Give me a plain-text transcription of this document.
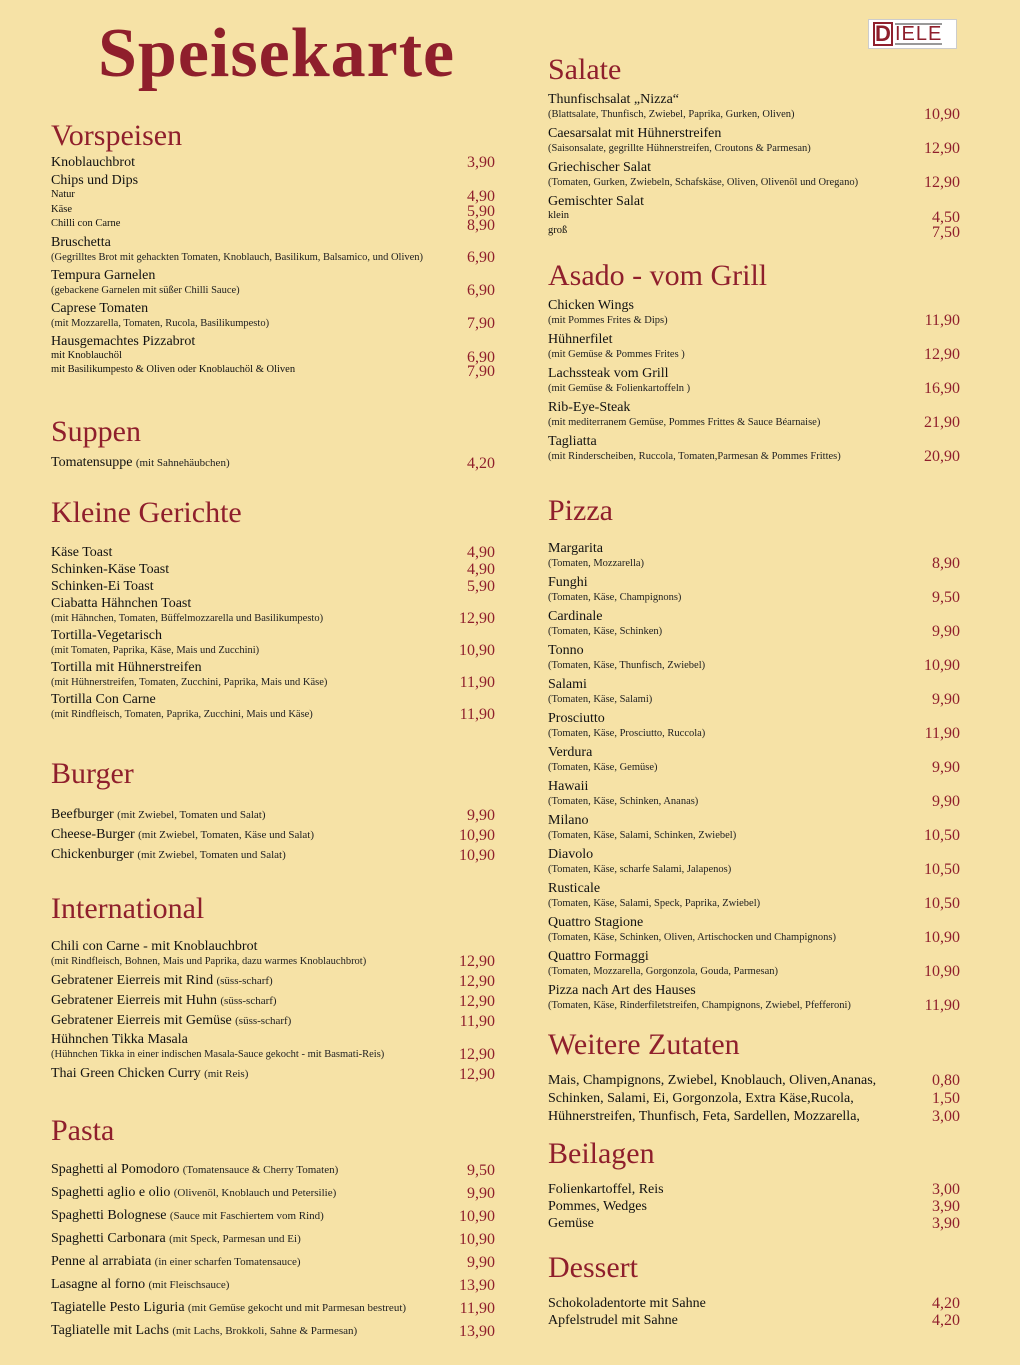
Speisekarte	D IELE
Vorspeisen
Knoblauchbrot	3,90
Chips und Dips
Natur	4,90
Käse	5,90
Chilli con Carne	8,90
Bruschetta
(Gegrilltes Brot mit gehackten Tomaten, Knoblauch, Basilikum, Balsamico, und Oliven)	6,90
Tempura Garnelen
(gebackene Garnelen mit süßer Chilli Sauce)	6,90
Caprese Tomaten
(mit Mozzarella, Tomaten, Rucola, Basilikumpesto)	7,90
Hausgemachtes Pizzabrot
mit Knoblauchöl	6,90
mit Basilikumpesto & Oliven oder Knoblauchöl & Oliven	7,90
Suppen
Tomatensuppe (mit Sahnehäubchen)	4,20
Kleine Gerichte
Käse Toast	4,90
Schinken-Käse Toast	4,90
Schinken-Ei Toast	5,90
Ciabatta Hähnchen Toast
(mit Hähnchen, Tomaten, Büffelmozzarella und Basilikumpesto)	12,90
Tortilla-Vegetarisch
(mit Tomaten, Paprika, Käse, Mais und Zucchini)	10,90
Tortilla mit Hühnerstreifen
(mit Hühnerstreifen, Tomaten, Zucchini, Paprika, Mais und Käse)	11,90
Tortilla Con Carne
(mit Rindfleisch, Tomaten, Paprika, Zucchini, Mais und Käse)	11,90
Burger
Beefburger (mit Zwiebel, Tomaten und Salat)	9,90
Cheese-Burger (mit Zwiebel, Tomaten, Käse und Salat)	10,90
Chickenburger (mit Zwiebel, Tomaten und Salat)	10,90
International
Chili con Carne - mit Knoblauchbrot
(mit Rindfleisch, Bohnen, Mais und Paprika, dazu warmes Knoblauchbrot)	12,90
Gebratener Eierreis mit Rind (süss-scharf)	12,90
Gebratener Eierreis mit Huhn (süss-scharf)	12,90
Gebratener Eierreis mit Gemüse (süss-scharf)	11,90
Hühnchen Tikka Masala
(Hühnchen Tikka in einer indischen Masala-Sauce gekocht - mit Basmati-Reis)	12,90
Thai Green Chicken Curry (mit Reis)	12,90
Pasta
Spaghetti al Pomodoro (Tomatensauce & Cherry Tomaten)	9,50
Spaghetti aglio e olio (Olivenöl, Knoblauch und Petersilie)	9,90
Spaghetti Bolognese (Sauce mit Faschiertem vom Rind)	10,90
Spaghetti Carbonara (mit Speck, Parmesan und Ei)	10,90
Penne al arrabiata (in einer scharfen Tomatensauce)	9,90
Lasagne al forno (mit Fleischsauce)	13,90
Tagiatelle Pesto Liguria (mit Gemüse gekocht und mit Parmesan bestreut)	11,90
Tagliatelle mit Lachs (mit Lachs, Brokkoli, Sahne & Parmesan)	13,90
Salate
Thunfischsalat „Nizza“
(Blattsalate, Thunfisch, Zwiebel, Paprika, Gurken, Oliven)	10,90
Caesarsalat mit Hühnerstreifen
(Saisonsalate, gegrillte Hühnerstreifen, Croutons & Parmesan)	12,90
Griechischer Salat
(Tomaten, Gurken, Zwiebeln, Schafskäse, Oliven, Olivenöl und Oregano)	12,90
Gemischter Salat
klein	4,50
groß	7,50
Asado - vom Grill
Chicken Wings
(mit Pommes Frites & Dips)	11,90
Hühnerfilet
(mit Gemüse & Pommes Frites )	12,90
Lachssteak vom Grill
(mit Gemüse & Folienkartoffeln )	16,90
Rib-Eye-Steak
(mit mediterranem Gemüse, Pommes Frittes & Sauce Béarnaise)	21,90
Tagliatta
(mit Rinderscheiben, Ruccola, Tomaten,Parmesan & Pommes Frittes)	20,90
Pizza
Margarita
(Tomaten, Mozzarella)	8,90
Funghi
(Tomaten, Käse, Champignons)	9,50
Cardinale
(Tomaten, Käse, Schinken)	9,90
Tonno
(Tomaten, Käse, Thunfisch, Zwiebel)	10,90
Salami
(Tomaten, Käse, Salami)	9,90
Prosciutto
(Tomaten, Käse, Prosciutto, Ruccola)	11,90
Verdura
(Tomaten, Käse, Gemüse)	9,90
Hawaii
(Tomaten, Käse, Schinken, Ananas)	9,90
Milano
(Tomaten, Käse, Salami, Schinken, Zwiebel)	10,50
Diavolo
(Tomaten, Käse, scharfe Salami, Jalapenos)	10,50
Rusticale
(Tomaten, Käse, Salami, Speck, Paprika, Zwiebel)	10,50
Quattro Stagione
(Tomaten, Käse, Schinken, Oliven, Artischocken und Champignons)	10,90
Quattro Formaggi
(Tomaten, Mozzarella, Gorgonzola, Gouda, Parmesan)	10,90
Pizza nach Art des Hauses
(Tomaten, Käse, Rinderfiletstreifen, Champignons, Zwiebel, Pfefferoni)	11,90
Weitere Zutaten
Mais, Champignons, Zwiebel, Knoblauch, Oliven,Ananas,	0,80
Schinken, Salami, Ei, Gorgonzola, Extra Käse,Rucola,	1,50
Hühnerstreifen, Thunfisch, Feta, Sardellen, Mozzarella,	3,00
Beilagen
Folienkartoffel, Reis	3,00
Pommes, Wedges	3,90
Gemüse	3,90
Dessert
Schokoladentorte mit Sahne	4,20
Apfelstrudel mit Sahne	4,20
